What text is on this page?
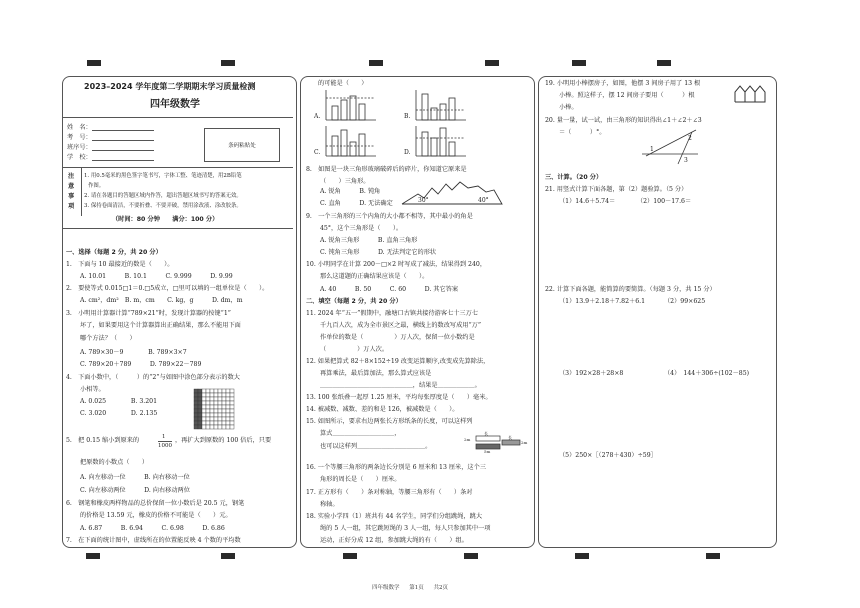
2023–2024 学年度第二学期期末学习质量检测
四年级数学
姓　名：
考　号：
班序号：
学　校：
条码粘贴处
注
意
事
项
1. 用0.5毫米的黑色签字笔书写，字体工整、笔迹清楚，用2B铅笔
作图。
2. 请在各题目的答题区域内作答，超出答题区域书写的答案无效。
3. 保持卷面清洁，不要折叠、不要弄破，禁用涂改液、涂改胶条。
（时间：80 分钟　　满分：100 分）
一、选择（每题 2 分，共 20 分）
1.　下面与 10 最接近的数是（　　）。
A. 10.01　　　B. 10.1　　　C. 9.999　　　D. 9.99
2.　要使等式 0.015□1＝0.□5成立，□里可以填的一组单位是（　　）。
A. cm²，dm²　B. m，cm　　C. kg，g　　　D. dm，m
3.　小明用计算器计算“789×21”时，发现计算器的按键“1”
坏了，如果要用这个计算器算出正确结果，那么不能用下面
哪个方法？（　　）
A. 789×30－9　　　　B. 789×3×7
C. 789×20＋789　　　D. 789×22－789
4.　下面小数中，（　　　）的“2”与如图中涂色部分表示的数大
小相等。
A. 0.025　　　　B. 3.201
C. 3.020　　　　D. 2.135
5.　把 0.15 缩小到原来的	1
1000
，再扩大到原数的 100 倍后，只要
把原数的小数点（　　）
A. 向左移动一位　　　B. 向右移动一位
C. 向左移动两位　　　D. 向右移动两位
6.　钢笔和橡皮两样物品的总价保留一位小数后是 20.5 元，钢笔
的价格是 13.59 元，橡皮的价格不可能是（　　）元。
A. 6.87　　　B. 6.94　　　C. 6.98　　　D. 6.86
7.　在下面的统计图中，虚线所在的位置能反映 4 个数的平均数
的可能是（　　）
A.	B.
C.	D.
8.　如图是一块三角形玻璃破碎后的碎片，你知道它原来是
（　　）三角形。
A. 锐角　　　B. 钝角
C. 直角　　　D. 无法确定	30°	40°
9.　一个三角形的三个内角的大小都不相等，其中最小的角是
45°，这个三角形是（　　）。
A. 锐角三角形　　　B. 直角三角形
C. 钝角三角形　　　D. 无法判定它的形状
10. 小明同学在计算 200－□×2 时写成了减法，结果得到 240，
那么这道题的正确结果应该是（　　）。
A. 40　　　B. 50　　　C. 60　　　D. 其它答案
二、填空（每题 2 分，共 20 分）
11. 2024 年“五一”假期中，融塘口古镇共接待游客七十三万七
千九百人次，成为全市景区之最，横线上的数改写成用“万”
作单位的数是（　　　　　）万人次，保留一位小数约是
（　　　　　）万人次。
12. 如果把算式 82＋8×152÷19 改变运算顺序,改变成先算除法，
再算乘法，最后算加法，那么算式应该是
＿＿＿＿＿＿＿＿＿＿＿＿＿＿＿，结果是＿＿＿＿＿＿。
13. 100 张纸叠一起厚 1.25 厘米，平均每张厚度是（　　）毫米。
14. 被减数、减数、差的和是 126，被减数是（　　）。
15. 如图所示，要求右边两张长方形纸条的长度，可以这样列
算式＿＿＿＿＿＿＿＿＿＿，
也可以这样列＿＿＿＿＿＿＿＿＿＿＿。
2m
长
5m
长
2m
16. 一个等腰三角形的两条边长分别是 6 厘米和 13 厘米，这个三
角形的周长是（　　）厘米。
17. 正方形有（　　）条对称轴，等腰三角形有（　　）条对
称轴。
18. 实验小学四（1）班共有 44 名学生，同学们分组跳绳，跳大
绳的 5 人一组，其它跳短绳的 3 人一组，每人只参加其中一项
运动，正好分成 12 组，参加跳大绳的有（　　）组。
19. 小明用小棒摆房子，如图，他摆 3 间房子用了 13 根
小棒。照这样子，摆 12 间房子要用（　　　）根
小棒。
20. 量一量，试一试，由三角形的知识得出∠1＋∠2＋∠3
＝（　　　）°。
1
2
3
三、计算。（20 分）
21. 用竖式计算下面各题，第（2）题验算。（5 分）
（1）14.6＋5.74＝　　　　（2）100－17.6＝
22. 计算下面各题，能简算的要简算。（每题 3 分，共 15 分）
（1）13.9＋2.18＋7.82＋6.1	（2）99×625
（3）192×28＋28×8	（4）　144＋306÷(102－85)
（5）250×［（278＋430）÷59］
四年级数学 第1页 共2页
